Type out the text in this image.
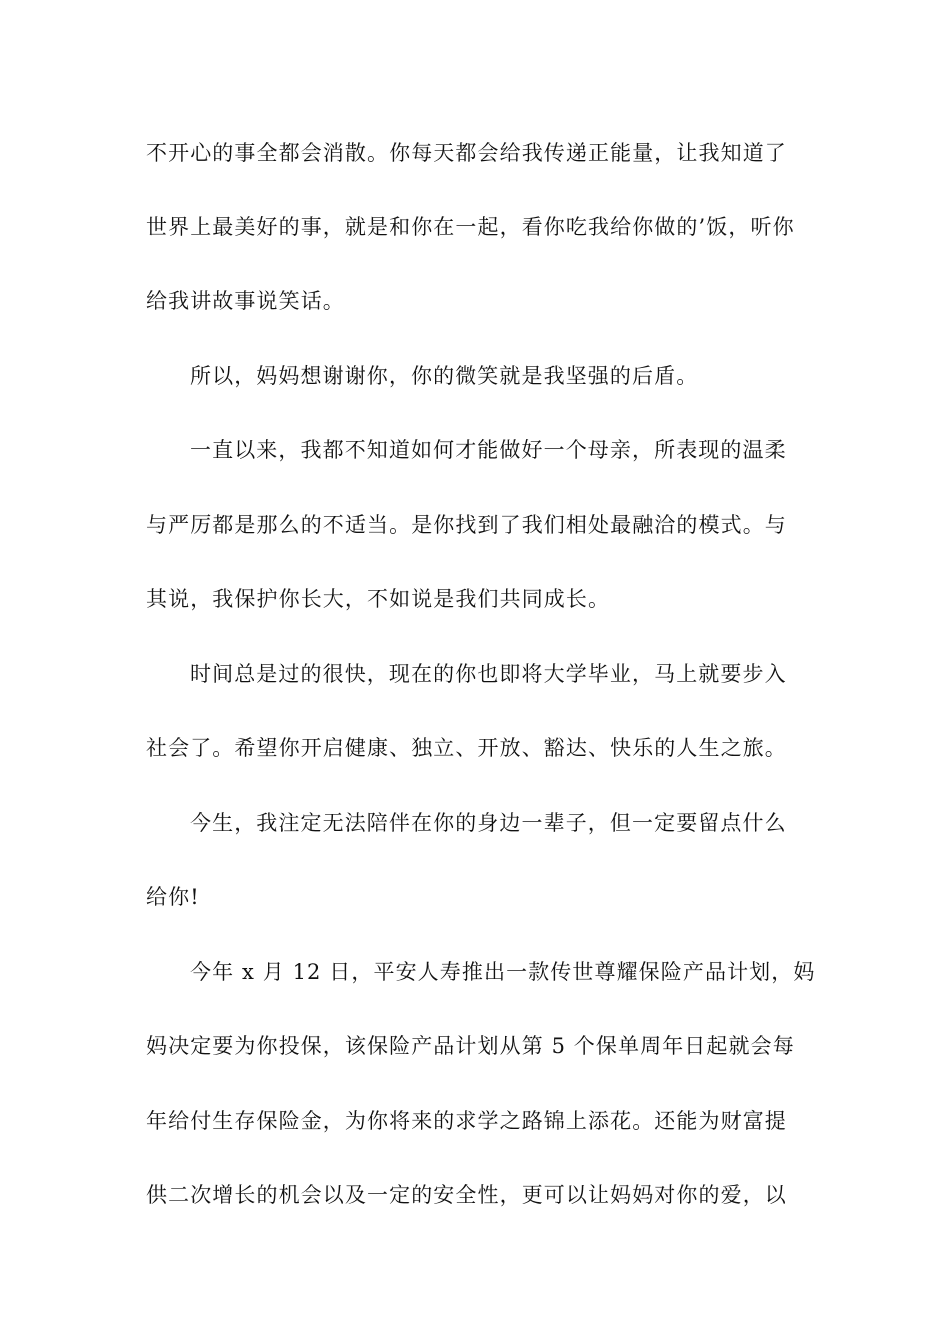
不开心的事全都会消散。你每天都会给我传递正能量，让我知道了
世界上最美好的事，就是和你在一起，看你吃我给你做的’饭，听你
给我讲故事说笑话。
所以，妈妈想谢谢你，你的微笑就是我坚强的后盾。
一直以来，我都不知道如何才能做好一个母亲，所表现的温柔
与严厉都是那么的不适当。是你找到了我们相处最融洽的模式。与
其说，我保护你长大，不如说是我们共同成长。
时间总是过的很快，现在的你也即将大学毕业，马上就要步入
社会了。希望你开启健康、独立、开放、豁达、快乐的人生之旅。
今生，我注定无法陪伴在你的身边一辈子，但一定要留点什么
给你!
今年 x 月 12 日，平安人寿推出一款传世尊耀保险产品计划，妈
妈决定要为你投保，该保险产品计划从第 5 个保单周年日起就会每
年给付生存保险金，为你将来的求学之路锦上添花。还能为财富提
供二次增长的机会以及一定的安全性，更可以让妈妈对你的爱，以
